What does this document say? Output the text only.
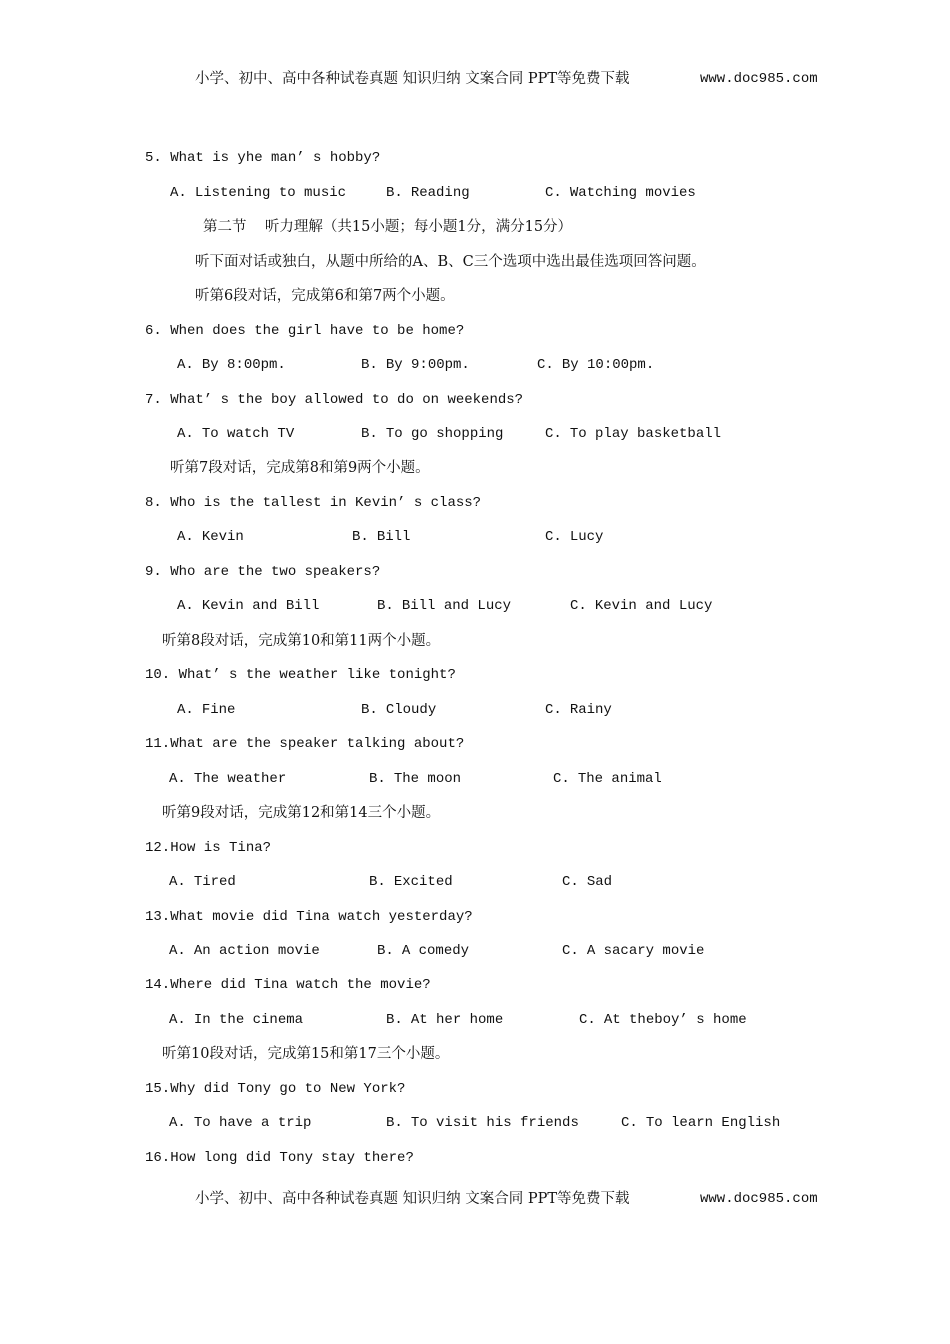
小学、初中、高中各种试卷真题 知识归纳 文案合同 PPT等免费下载	www.doc985.com
5. What is yhe man’ s hobby?
A. Listening to music	B. Reading	C. Watching movies
第二节    听力理解（共15小题；每小题1分，满分15分）
听下面对话或独白，从题中所给的A、B、C三个选项中选出最佳选项回答问题。
听第6段对话，完成第6和第7两个小题。
6. When does the girl have to be home?
A. By 8:00pm.	B. By 9:00pm.	C. By 10:00pm.
7. What’ s the boy allowed to do on weekends?
A. To watch TV	B. To go shopping	C. To play basketball
听第7段对话，完成第8和第9两个小题。
8. Who is the tallest in Kevin’ s class?
A. Kevin	B. Bill	C. Lucy
9. Who are the two speakers?
A. Kevin and Bill	B. Bill and Lucy	C. Kevin and Lucy
听第8段对话，完成第10和第11两个小题。
10. What’ s the weather like tonight?
A. Fine	B. Cloudy	C. Rainy
11.What are the speaker talking about?
A. The weather	B. The moon	C. The animal
听第9段对话，完成第12和第14三个小题。
12.How is Tina?
A. Tired	B. Excited	C. Sad
13.What movie did Tina watch yesterday?
A. An action movie	B. A comedy	C. A sacary movie
14.Where did Tina watch the movie?
A. In the cinema	B. At her home	C. At theboy’ s home
听第10段对话，完成第15和第17三个小题。
15.Why did Tony go to New York?
A. To have a trip	B. To visit his friends	C. To learn English
16.How long did Tony stay there?
小学、初中、高中各种试卷真题 知识归纳 文案合同 PPT等免费下载	www.doc985.com
